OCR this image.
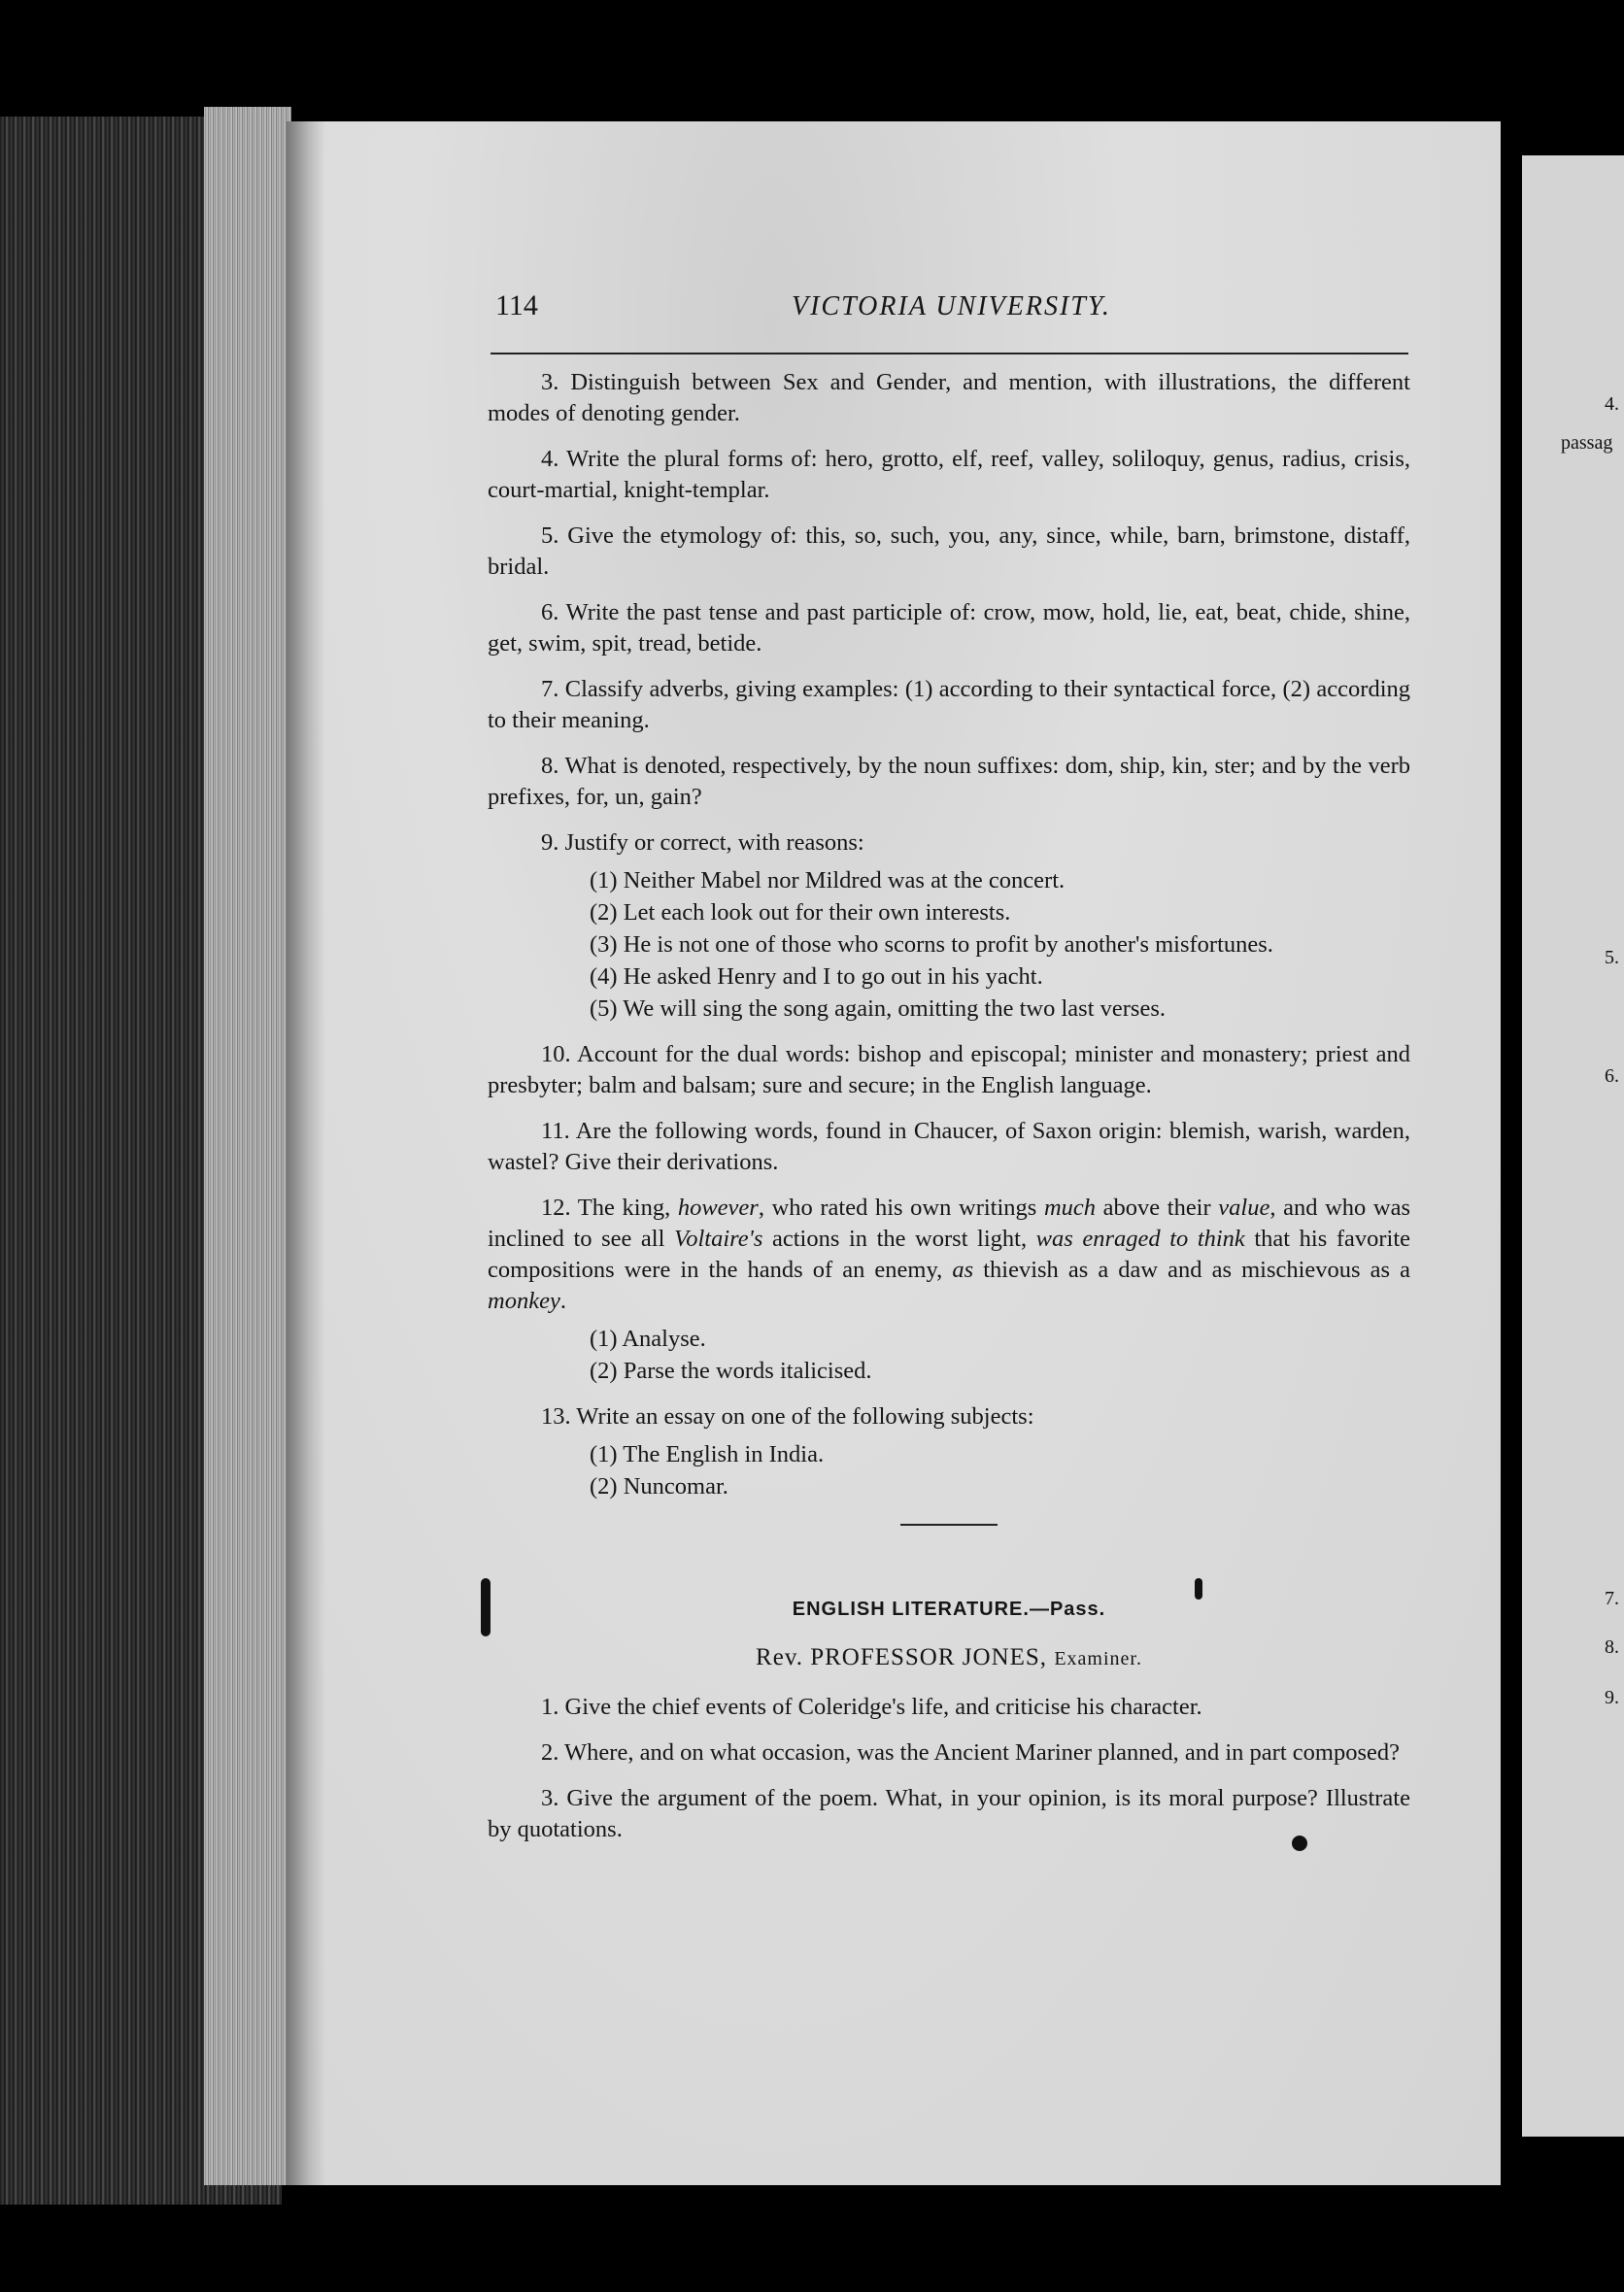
4.
passag
5.
6.
7.
8.
9.
114	VICTORIA UNIVERSITY.

3. Distinguish between Sex and Gender, and mention, with illustrations, the different modes of denoting gender.

4. Write the plural forms of: hero, grotto, elf, reef, valley, soliloquy, genus, radius, crisis, court-martial, knight-templar.

5. Give the etymology of: this, so, such, you, any, since, while, barn, brimstone, distaff, bridal.

6. Write the past tense and past participle of: crow, mow, hold, lie, eat, beat, chide, shine, get, swim, spit, tread, betide.

7. Classify adverbs, giving examples: (1) according to their syntactical force, (2) according to their meaning.

8. What is denoted, respectively, by the noun suffixes: dom, ship, kin, ster; and by the verb prefixes, for, un, gain?

9. Justify or correct, with reasons:

(1) Neither Mabel nor Mildred was at the concert.

(2) Let each look out for their own interests.

(3) He is not one of those who scorns to profit by another's misfortunes.

(4) He asked Henry and I to go out in his yacht.

(5) We will sing the song again, omitting the two last verses.

10. Account for the dual words: bishop and episcopal; minister and monastery; priest and presbyter; balm and balsam; sure and secure; in the English language.

11. Are the following words, found in Chaucer, of Saxon origin: blemish, warish, warden, wastel? Give their derivations.

12. The king, however, who rated his own writings much above their value, and who was inclined to see all Voltaire's actions in the worst light, was enraged to think that his favorite compositions were in the hands of an enemy, as thievish as a daw and as mischievous as a monkey.

(1) Analyse.

(2) Parse the words italicised.

13. Write an essay on one of the following subjects:

(1) The English in India.

(2) Nuncomar.

ENGLISH LITERATURE.—Pass.

Rev. PROFESSOR JONES, Examiner.

1. Give the chief events of Coleridge's life, and criticise his character.

2. Where, and on what occasion, was the Ancient Mariner planned, and in part composed?

3. Give the argument of the poem. What, in your opinion, is its moral purpose? Illustrate by quotations.
